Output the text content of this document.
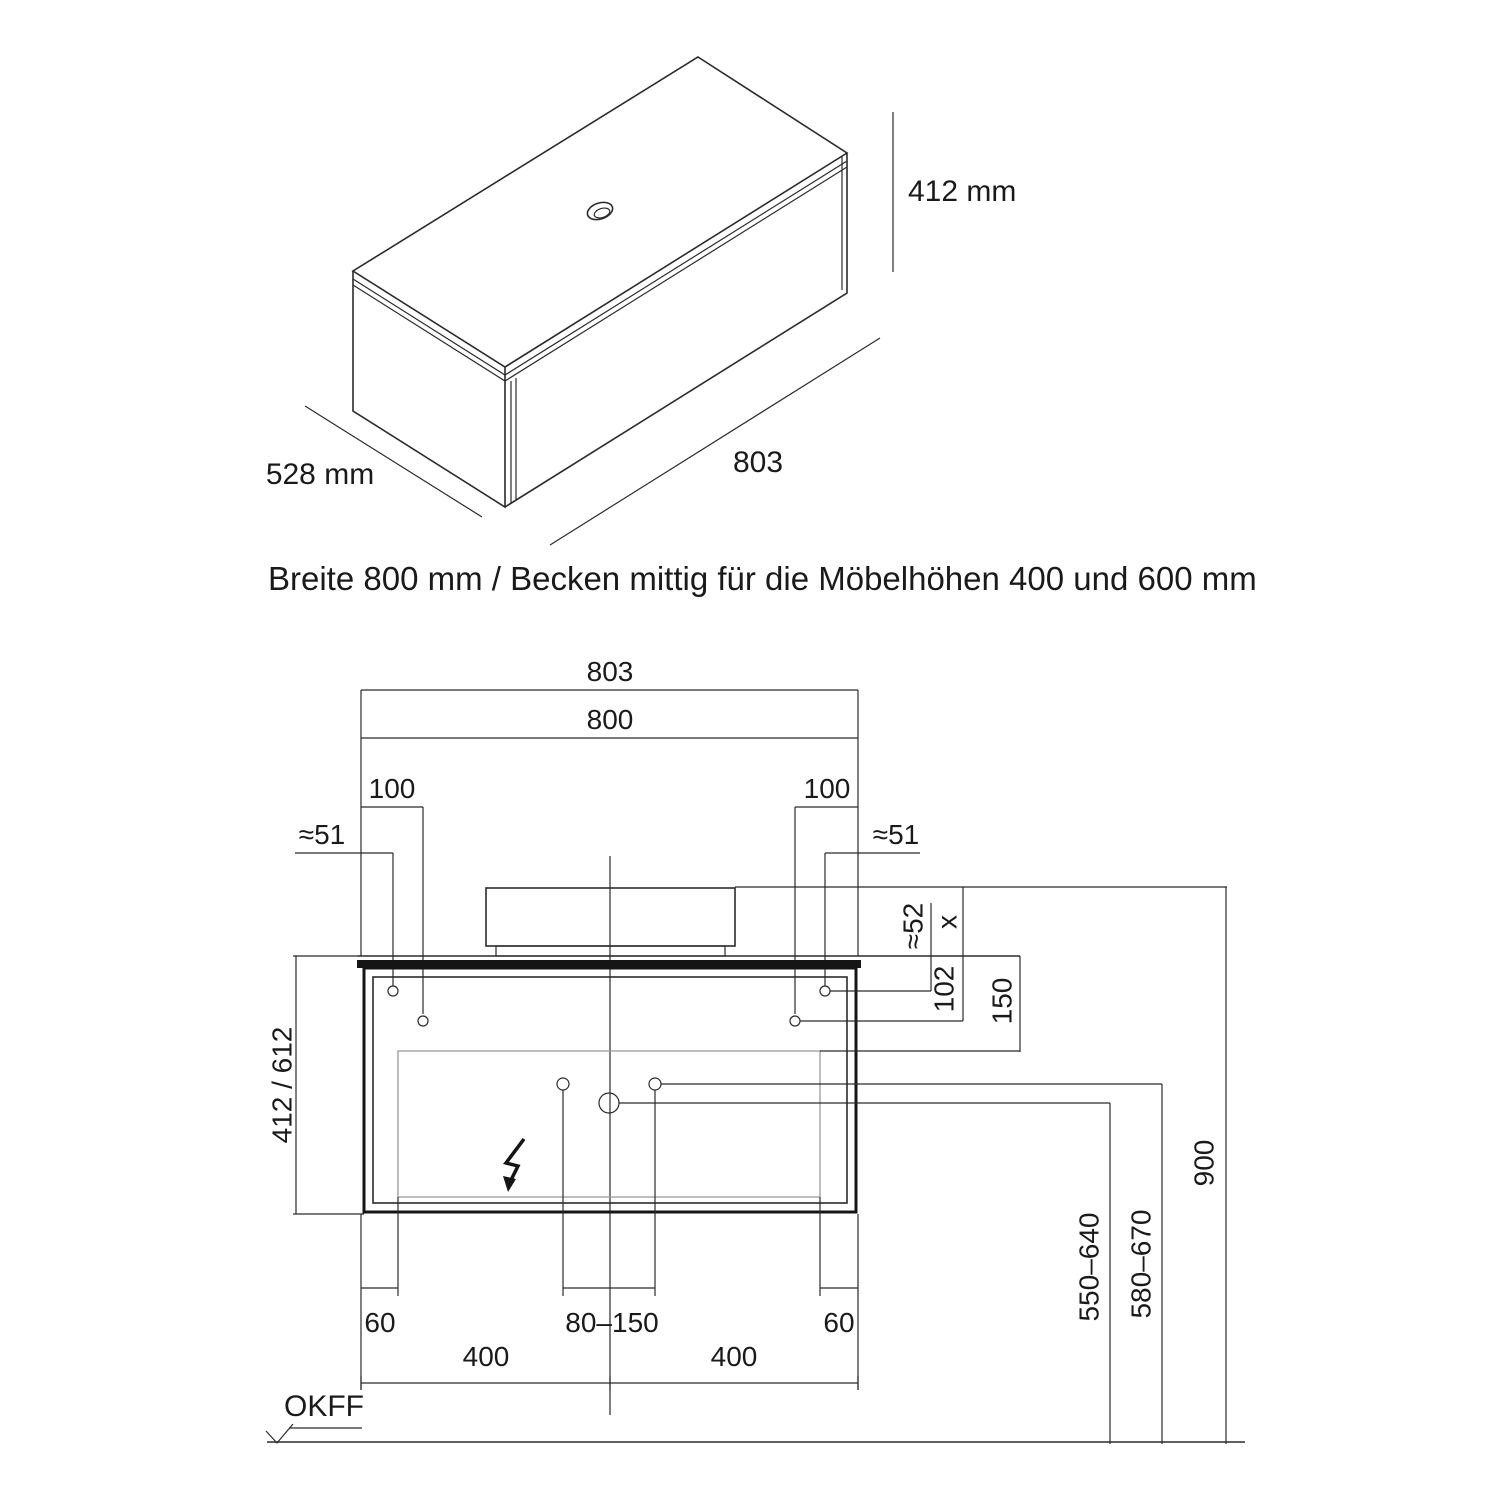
412 mm
803
528 mm
Breite 800 mm / Becken mittig für die Möbelhöhen 400 und 600 mm
803
800
100	100
≈51	≈51
≈52 x
102 150
412 / 612
60	80–150	60
400	400
550–640 580–670
900
OKFF
